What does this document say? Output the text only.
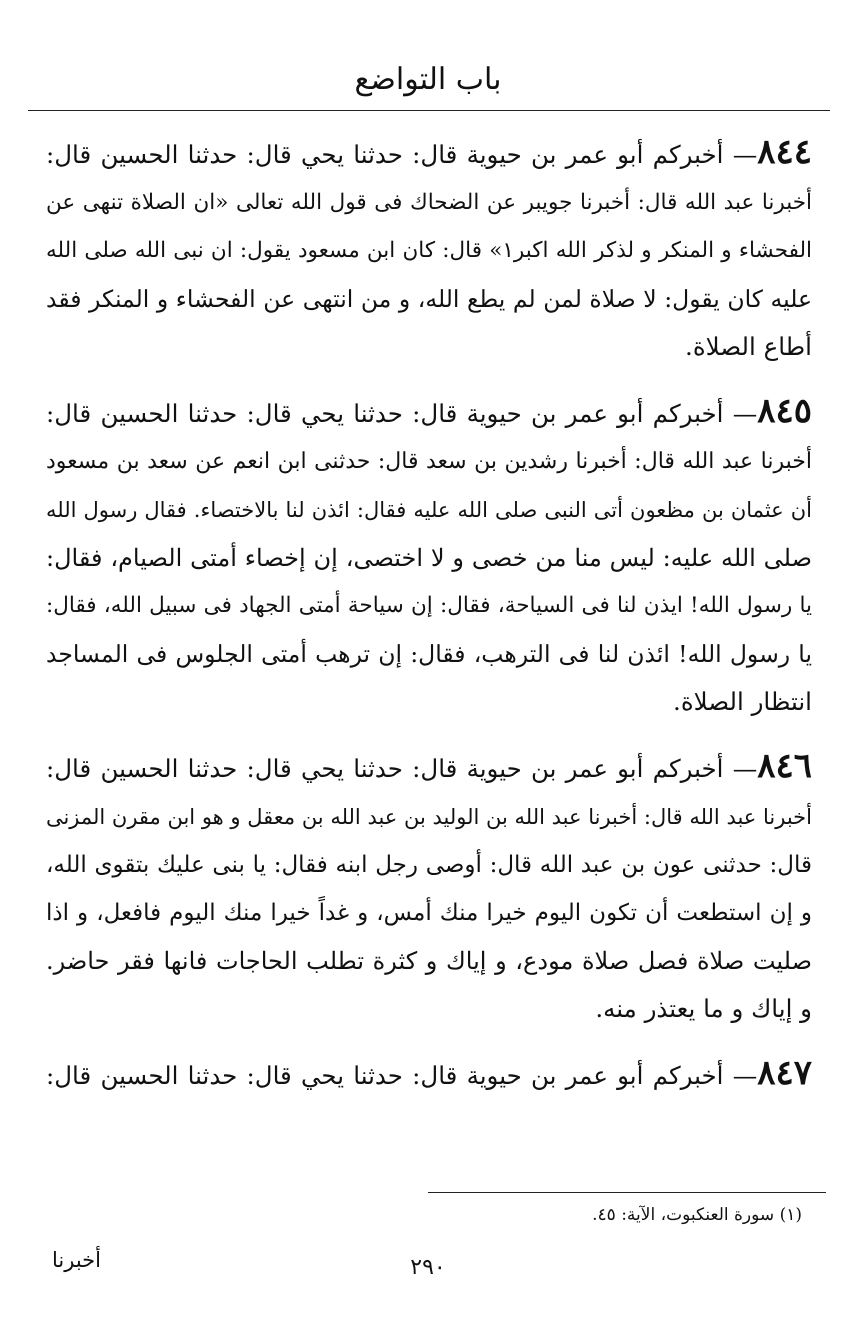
باب التواضع
٨٤٤— أخبركم أبو عمر بن حيوية قال: حدثنا يحي قال: حدثنا الحسين قال:
أخبرنا عبد الله قال: أخبرنا جويبر عن الضحاك فى قول الله تعالى «ان الصلاة تنهى عن
الفحشاء و المنكر و لذكر الله اكبر١» قال: كان ابن مسعود يقول: ان نبى الله صلى الله
عليه كان يقول: لا صلاة لمن لم يطع الله، و من انتهى عن الفحشاء و المنكر فقد
أطاع الصلاة.
٨٤٥— أخبركم أبو عمر بن حيوية قال: حدثنا يحي قال: حدثنا الحسين قال:
أخبرنا عبد الله قال: أخبرنا رشدين بن سعد قال: حدثنى ابن انعم عن سعد بن مسعود
أن عثمان بن مظعون أتى النبى صلى الله عليه فقال: ائذن لنا بالاختصاء. فقال رسول الله
صلى الله عليه: ليس منا من خصى و لا اختصى، إن إخصاء أمتى الصيام، فقال:
يا رسول الله! ايذن لنا فى السياحة، فقال: إن سياحة أمتى الجهاد فى سبيل الله، فقال:
يا رسول الله! ائذن لنا فى الترهب، فقال: إن ترهب أمتى الجلوس فى المساجد
انتظار الصلاة.
٨٤٦— أخبركم أبو عمر بن حيوية قال: حدثنا يحي قال: حدثنا الحسين قال:
أخبرنا عبد الله قال: أخبرنا عبد الله بن الوليد بن عبد الله بن معقل و هو ابن مقرن المزنى
قال: حدثنى عون بن عبد الله قال: أوصى رجل ابنه فقال: يا بنى عليك بتقوى الله،
و إن استطعت أن تكون اليوم خيرا منك أمس، و غداً خيرا منك اليوم فافعل، و اذا
صليت صلاة فصل صلاة مودع، و إياك و كثرة تطلب الحاجات فانها فقر حاضر.
و إياك و ما يعتذر منه.
٨٤٧— أخبركم أبو عمر بن حيوية قال: حدثنا يحي قال: حدثنا الحسين قال:
(١) سورة العنكبوت، الآية: ٤٥.
٢٩٠
أخبرنا
